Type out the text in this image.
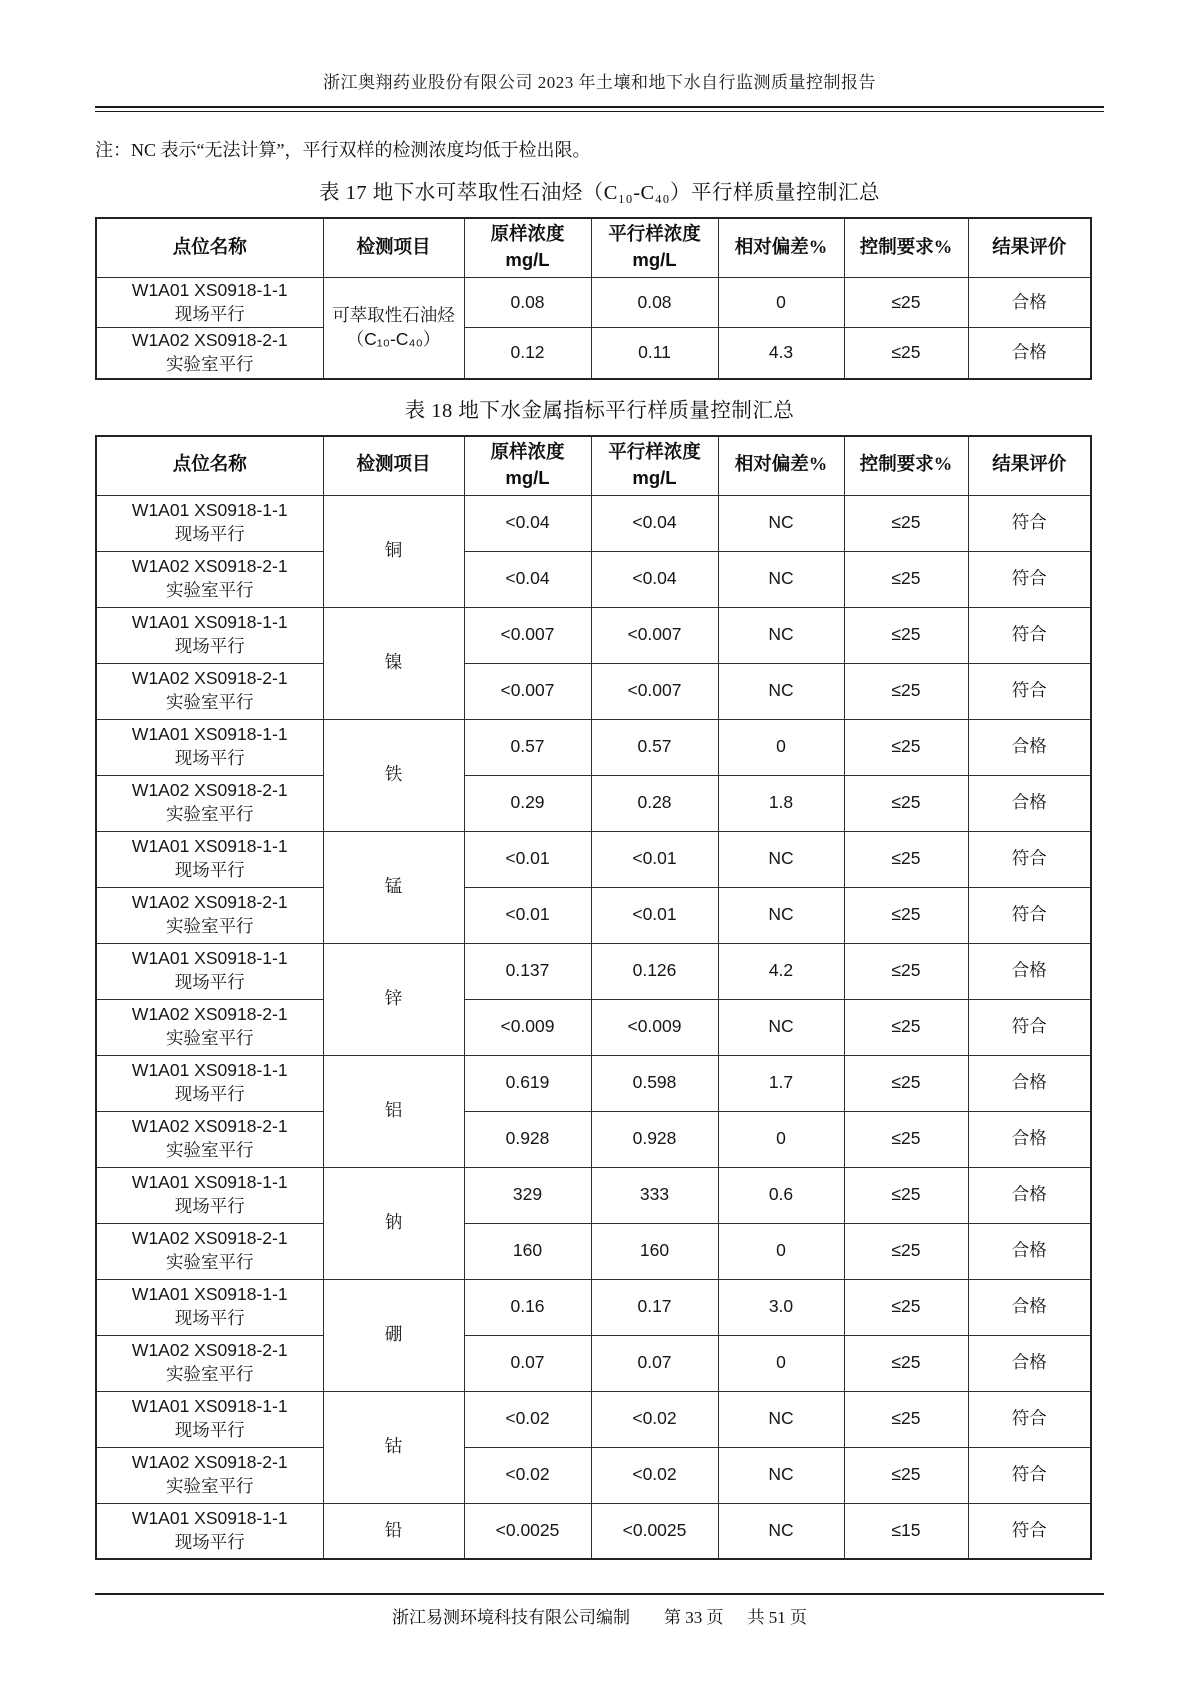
浙江奥翔药业股份有限公司 2023 年土壤和地下水自行监测质量控制报告
注：NC 表示“无法计算”，平行双样的检测浓度均低于检出限。
表 17 地下水可萃取性石油烃（C₁₀-C₄₀）平行样质量控制汇总
点位名称	检测项目	原样浓度
mg/L	平行样浓度
mg/L	相对偏差%	控制要求%	结果评价

W1A01 XS0918-1-1
现场平行	可萃取性石油烃（C₁₀-C₄₀）	0.08	0.08	0	≤25	合格

W1A02 XS0918-2-1
实验室平行		0.12	0.11	4.3	≤25	合格
表 18 地下水金属指标平行样质量控制汇总
点位名称	检测项目	原样浓度
mg/L	平行样浓度
mg/L	相对偏差%	控制要求%	结果评价

W1A01 XS0918-1-1
现场平行	铜	<0.04	<0.04	NC	≤25	符合

W1A02 XS0918-2-1
实验室平行		<0.04	<0.04	NC	≤25	符合

W1A01 XS0918-1-1
现场平行	镍	<0.007	<0.007	NC	≤25	符合

W1A02 XS0918-2-1
实验室平行		<0.007	<0.007	NC	≤25	符合

W1A01 XS0918-1-1
现场平行	铁	0.57	0.57	0	≤25	合格

W1A02 XS0918-2-1
实验室平行		0.29	0.28	1.8	≤25	合格

W1A01 XS0918-1-1
现场平行	锰	<0.01	<0.01	NC	≤25	符合

W1A02 XS0918-2-1
实验室平行		<0.01	<0.01	NC	≤25	符合

W1A01 XS0918-1-1
现场平行	锌	0.137	0.126	4.2	≤25	合格

W1A02 XS0918-2-1
实验室平行		<0.009	<0.009	NC	≤25	符合

W1A01 XS0918-1-1
现场平行	铝	0.619	0.598	1.7	≤25	合格

W1A02 XS0918-2-1
实验室平行		0.928	0.928	0	≤25	合格

W1A01 XS0918-1-1
现场平行	钠	329	333	0.6	≤25	合格

W1A02 XS0918-2-1
实验室平行		160	160	0	≤25	合格

W1A01 XS0918-1-1
现场平行	硼	0.16	0.17	3.0	≤25	合格

W1A02 XS0918-2-1
实验室平行		0.07	0.07	0	≤25	合格

W1A01 XS0918-1-1
现场平行	钴	<0.02	<0.02	NC	≤25	符合

W1A02 XS0918-2-1
实验室平行		<0.02	<0.02	NC	≤25	符合

W1A01 XS0918-1-1
现场平行	铅	<0.0025	<0.0025	NC	≤15	符合
浙江易测环境科技有限公司编制 第 33 页 共 51 页
